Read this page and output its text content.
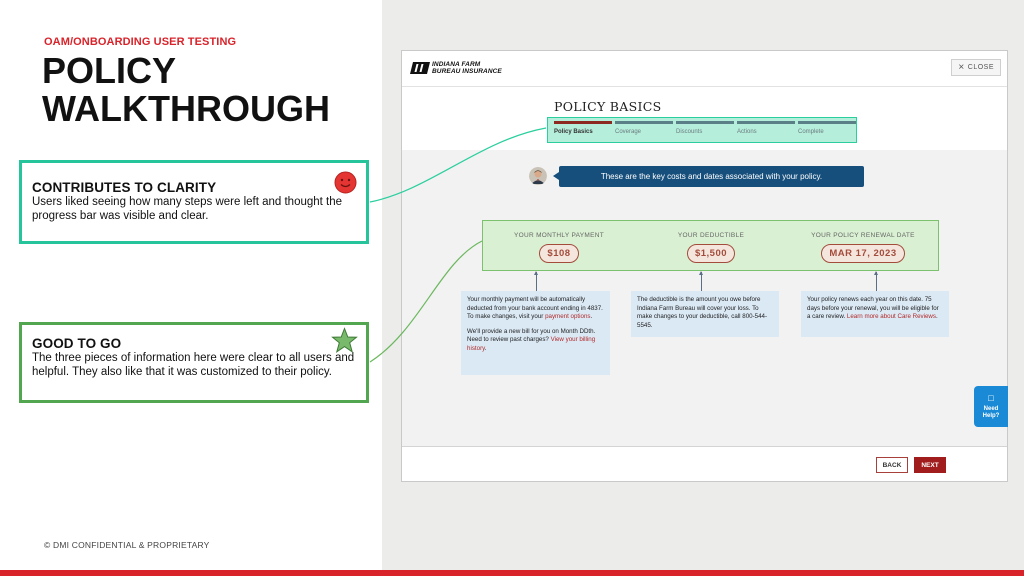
OAM/ONBOARDING USER TESTING
POLICY
WALKTHROUGH
CONTRIBUTES TO CLARITY

Users liked seeing how many steps were left and thought the progress bar was visible and clear.

GOOD TO GO

The three pieces of information here were clear to all users and helpful. They also like that it was customized to their policy.

© DMI CONFIDENTIAL & PROPRIETARY
INDIANA FARM
BUREAU INSURANCE	× CLOSE
POLICY BASICS
Policy Basics	Coverage	Discounts	Actions	Complete
These are the key costs and dates associated with your policy.
YOUR MONTHLY PAYMENT
$108
YOUR DEDUCTIBLE
$1,500
YOUR POLICY RENEWAL DATE
MAR 17, 2023

Your monthly payment will be automatically deducted from your bank account ending in 4837. To make changes, visit your payment options.

We'll provide a new bill for you on Month DDth. Need to review past charges? View your billing history.

The deductible is the amount you owe before Indiana Farm Bureau will cover your loss. To make changes to your deductible, call 800-544-5545.

Your policy renews each year on this date. 75 days before your renewal, you will be eligible for a care review. Learn more about Care Reviews.

BACK	NEXT
□
Need
Help?
